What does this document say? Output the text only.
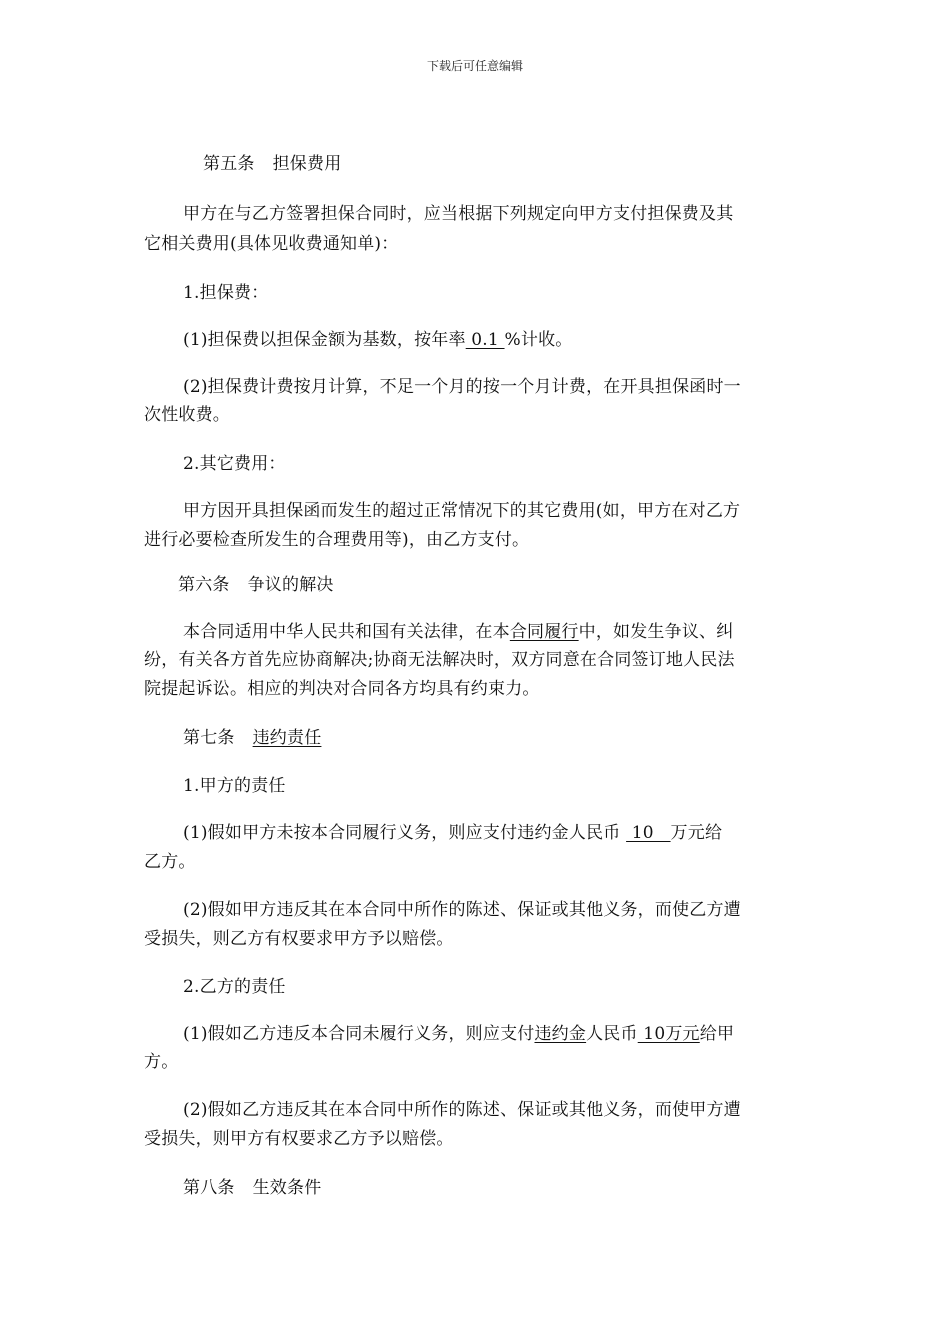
下载后可任意编辑
第五条 担保费用
甲方在与乙方签署担保合同时，应当根据下列规定向甲方支付担保费及其
它相关费用(具体见收费通知单)：
1.担保费：
(1)担保费以担保金额为基数，按年率 0.1 %计收。
(2)担保费计费按月计算，不足一个月的按一个月计费，在开具担保函时一
次性收费。
2.其它费用：
甲方因开具担保函而发生的超过正常情况下的其它费用(如，甲方在对乙方
进行必要检查所发生的合理费用等)，由乙方支付。
第六条 争议的解决
本合同适用中华人民共和国有关法律，在本合同履行中，如发生争议、纠
纷，有关各方首先应协商解决;协商无法解决时，双方同意在合同签订地人民法
院提起诉讼。相应的判决对合同各方均具有约束力。
第七条 违约责任
1.甲方的责任
(1)假如甲方未按本合同履行义务，则应支付违约金人民币  10   万元给
乙方。
(2)假如甲方违反其在本合同中所作的陈述、保证或其他义务，而使乙方遭
受损失，则乙方有权要求甲方予以赔偿。
2.乙方的责任
(1)假如乙方违反本合同未履行义务，则应支付违约金人民币 10万元给甲
方。
(2)假如乙方违反其在本合同中所作的陈述、保证或其他义务，而使甲方遭
受损失，则甲方有权要求乙方予以赔偿。
第八条 生效条件
